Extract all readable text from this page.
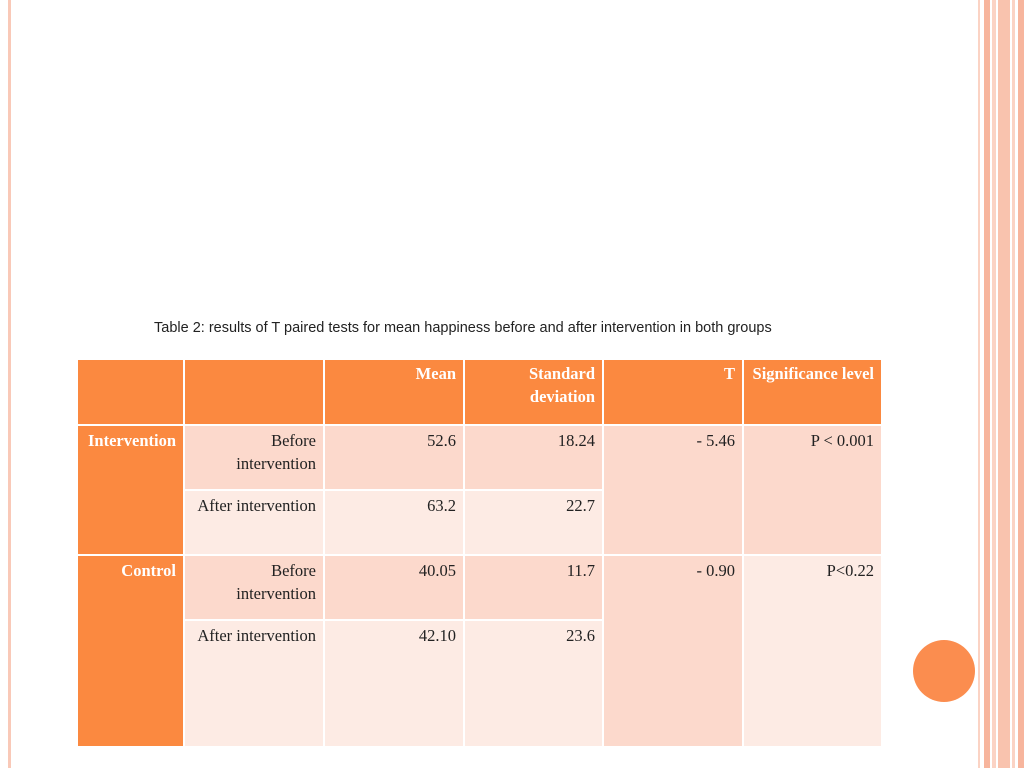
Table 2: results of T paired tests for mean happiness before and after intervention in both groups
		Mean	Standard deviation	T	Significance level
Intervention	Before intervention	52.6	18.24	- 5.46	P < 0.001
	After intervention	63.2	22.7		
Control	Before intervention	40.05	11.7	- 0.90	P<0.22
	After intervention	42.10	23.6		
